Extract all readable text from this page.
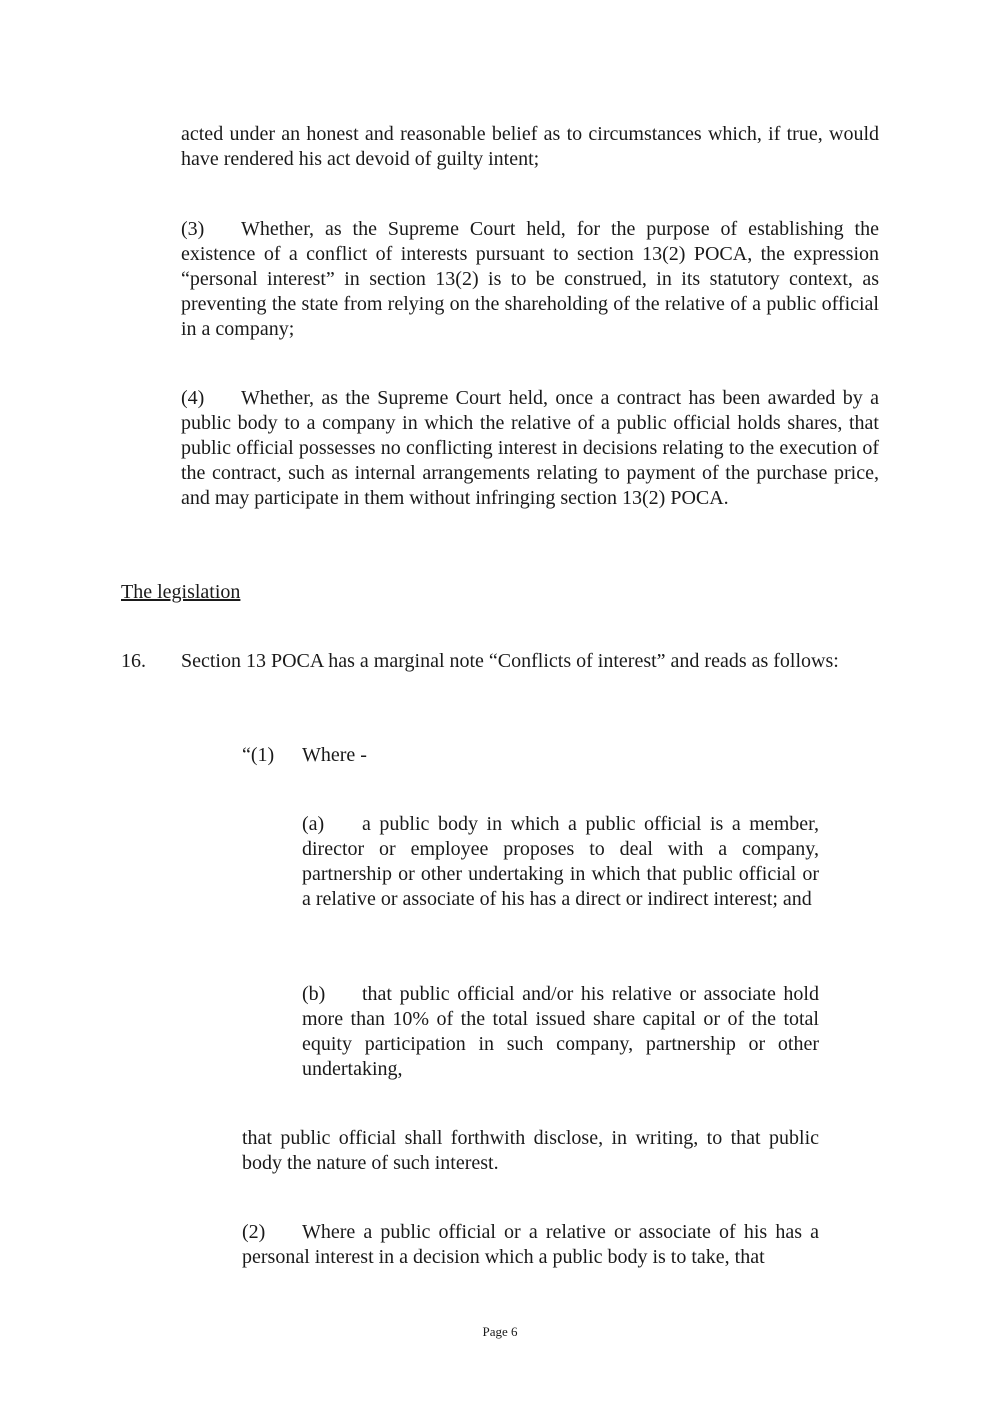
acted under an honest and reasonable belief as to circumstances which, if true, would have rendered his act devoid of guilty intent;

(3) Whether, as the Supreme Court held, for the purpose of establishing the existence of a conflict of interests pursuant to section 13(2) POCA, the expression “personal interest” in section 13(2) is to be construed, in its statutory context, as preventing the state from relying on the shareholding of the relative of a public official in a company;

(4) Whether, as the Supreme Court held, once a contract has been awarded by a public body to a company in which the relative of a public official holds shares, that public official possesses no conflicting interest in decisions relating to the execution of the contract, such as internal arrangements relating to payment of the purchase price, and may participate in them without infringing section 13(2) POCA.

The legislation

16. Section 13 POCA has a marginal note “Conflicts of interest” and reads as follows:

“(1) Where -

(a) a public body in which a public official is a member, director or employee proposes to deal with a company, partnership or other undertaking in which that public official or a relative or associate of his has a direct or indirect interest; and

(b) that public official and/or his relative or associate hold more than 10% of the total issued share capital or of the total equity participation in such company, partnership or other undertaking,

that public official shall forthwith disclose, in writing, to that public body the nature of such interest.

(2) Where a public official or a relative or associate of his has a personal interest in a decision which a public body is to take, that

Page 6
